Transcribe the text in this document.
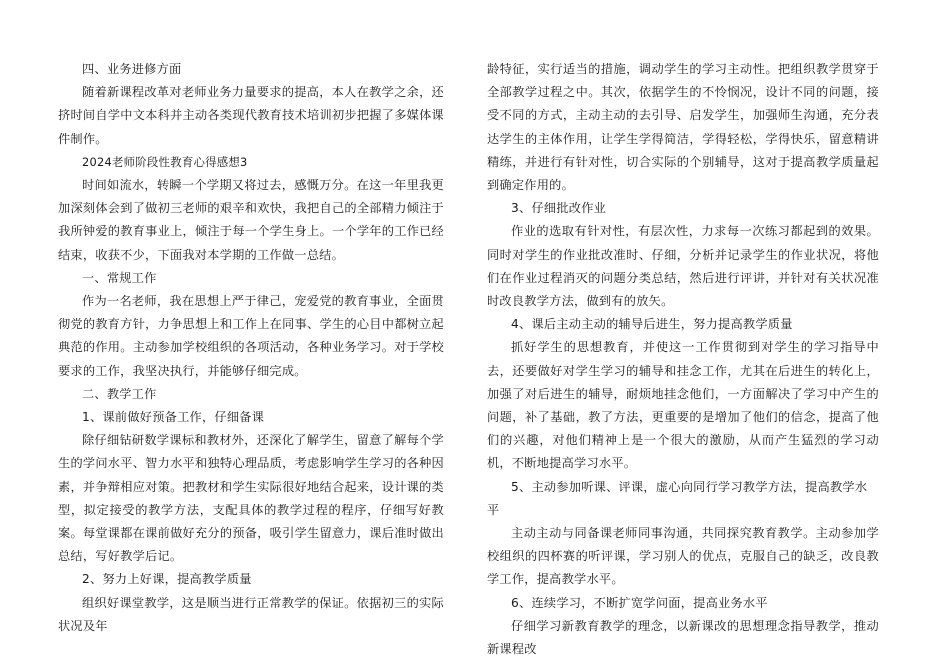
四、业务进修方面

随着新课程改革对老师业务力量要求的提高，本人在教学之余，还挤时间自学中文本科并主动各类现代教育技术培训初步把握了多媒体课件制作。

2024老师阶段性教育心得感想3

时间如流水，转瞬一个学期又将过去，感慨万分。在这一年里我更加深刻体会到了做初三老师的艰辛和欢快，我把自己的全部精力倾注于我所钟爱的教育事业上，倾注于每一个学生身上。一个学年的工作已经结束，收获不少，下面我对本学期的工作做一总结。

一、常规工作

作为一名老师，我在思想上严于律己，宠爱党的教育事业，全面贯彻党的教育方针，力争思想上和工作上在同事、学生的心目中都树立起典范的作用。主动参加学校组织的各项活动，各种业务学习。对于学校要求的工作，我坚决执行，并能够仔细完成。

二、教学工作

1、课前做好预备工作，仔细备课

除仔细钻研数学课标和教材外，还深化了解学生，留意了解每个学生的学问水平、智力水平和独特心理品质，考虑影响学生学习的各种因素，并争辩相应对策。把教材和学生实际很好地结合起来，设计课的类型，拟定接受的教学方法，支配具体的教学过程的程序，仔细写好教案。每堂课都在课前做好充分的预备，吸引学生留意力，课后准时做出总结，写好教学后记。

2、努力上好课，提高教学质量

组织好课堂教学，这是顺当进行正常教学的保证。依据初三的实际状况及年

龄特征，实行适当的措施，调动学生的学习主动性。把组织教学贯穿于全部教学过程之中。其次，依据学生的不怜悯况，设计不同的问题，接受不同的方式，主动主动的去引导、启发学生，加强师生沟通，充分表达学生的主体作用，让学生学得简洁，学得轻松，学得快乐，留意精讲精练，并进行有针对性，切合实际的个别辅导，这对于提高教学质量起到确定作用的。

3、仔细批改作业

作业的选取有针对性，有层次性，力求每一次练习都起到的效果。同时对学生的作业批改准时、仔细，分析并记录学生的作业状况，将他们在作业过程消灭的问题分类总结，然后进行评讲，并针对有关状况准时改良教学方法，做到有的放矢。

4、课后主动主动的辅导后进生，努力提高教学质量

抓好学生的思想教育，并使这一工作贯彻到对学生的学习指导中去，还要做好对学生学习的辅导和挂念工作，尤其在后进生的转化上，加强了对后进生的辅导，耐烦地挂念他们，一方面解决了学习中产生的问题，补了基础，教了方法，更重要的是增加了他们的信念，提高了他们的兴趣，对他们精神上是一个很大的激励，从而产生猛烈的学习动机，不断地提高学习水平。

5、主动参加听课、评课，虚心向同行学习教学方法，提高教学水平

主动主动与同备课老师同事沟通，共同探究教育教学。主动参加学校组织的四杯赛的听评课，学习别人的优点，克服自己的缺乏，改良教学工作，提高教学水平。

6、连续学习，不断扩宽学问面，提高业务水平

仔细学习新教育教学的理念，以新课改的思想理念指导教学，推动新课程改
